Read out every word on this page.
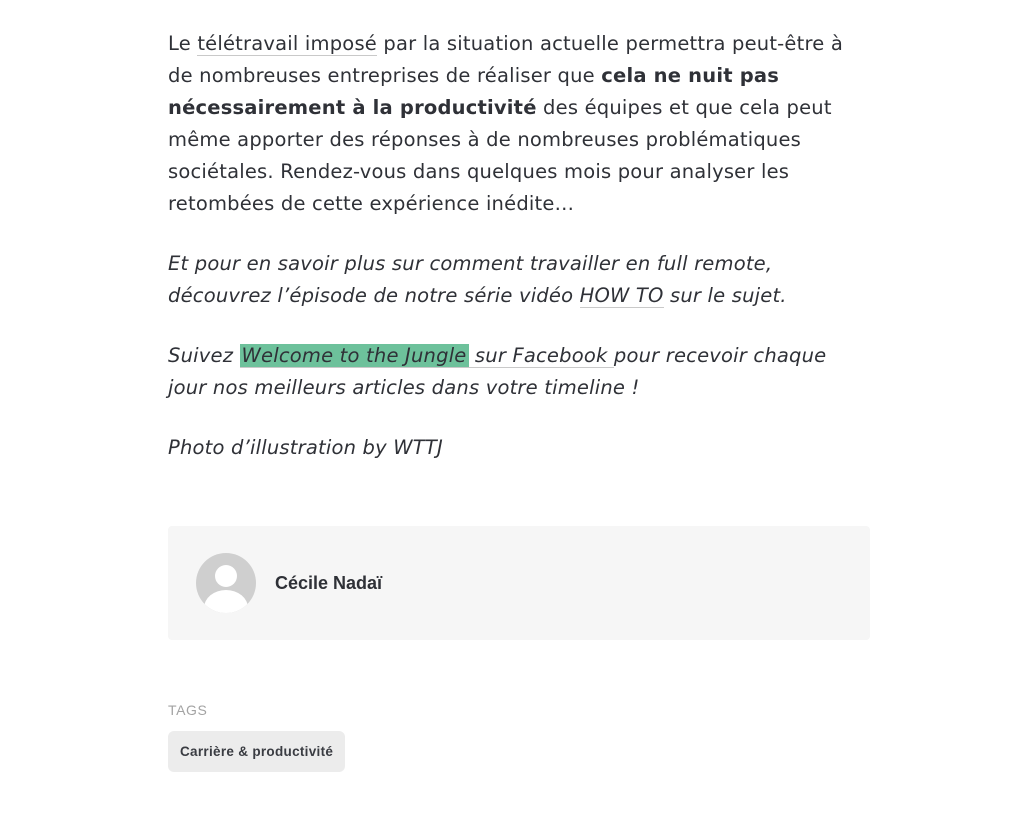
Le télétravail imposé par la situation actuelle permettra peut-être à de nombreuses entreprises de réaliser que cela ne nuit pas nécessairement à la productivité des équipes et que cela peut même apporter des réponses à de nombreuses problématiques sociétales. Rendez-vous dans quelques mois pour analyser les retombées de cette expérience inédite…

Et pour en savoir plus sur comment travailler en full remote, découvrez l’épisode de notre série vidéo HOW TO sur le sujet.

Suivez Welcome to the Jungle sur Facebook pour recevoir chaque jour nos meilleurs articles dans votre timeline !

Photo d’illustration by WTTJ

Cécile Nadaï
TAGS
Carrière & productivité
